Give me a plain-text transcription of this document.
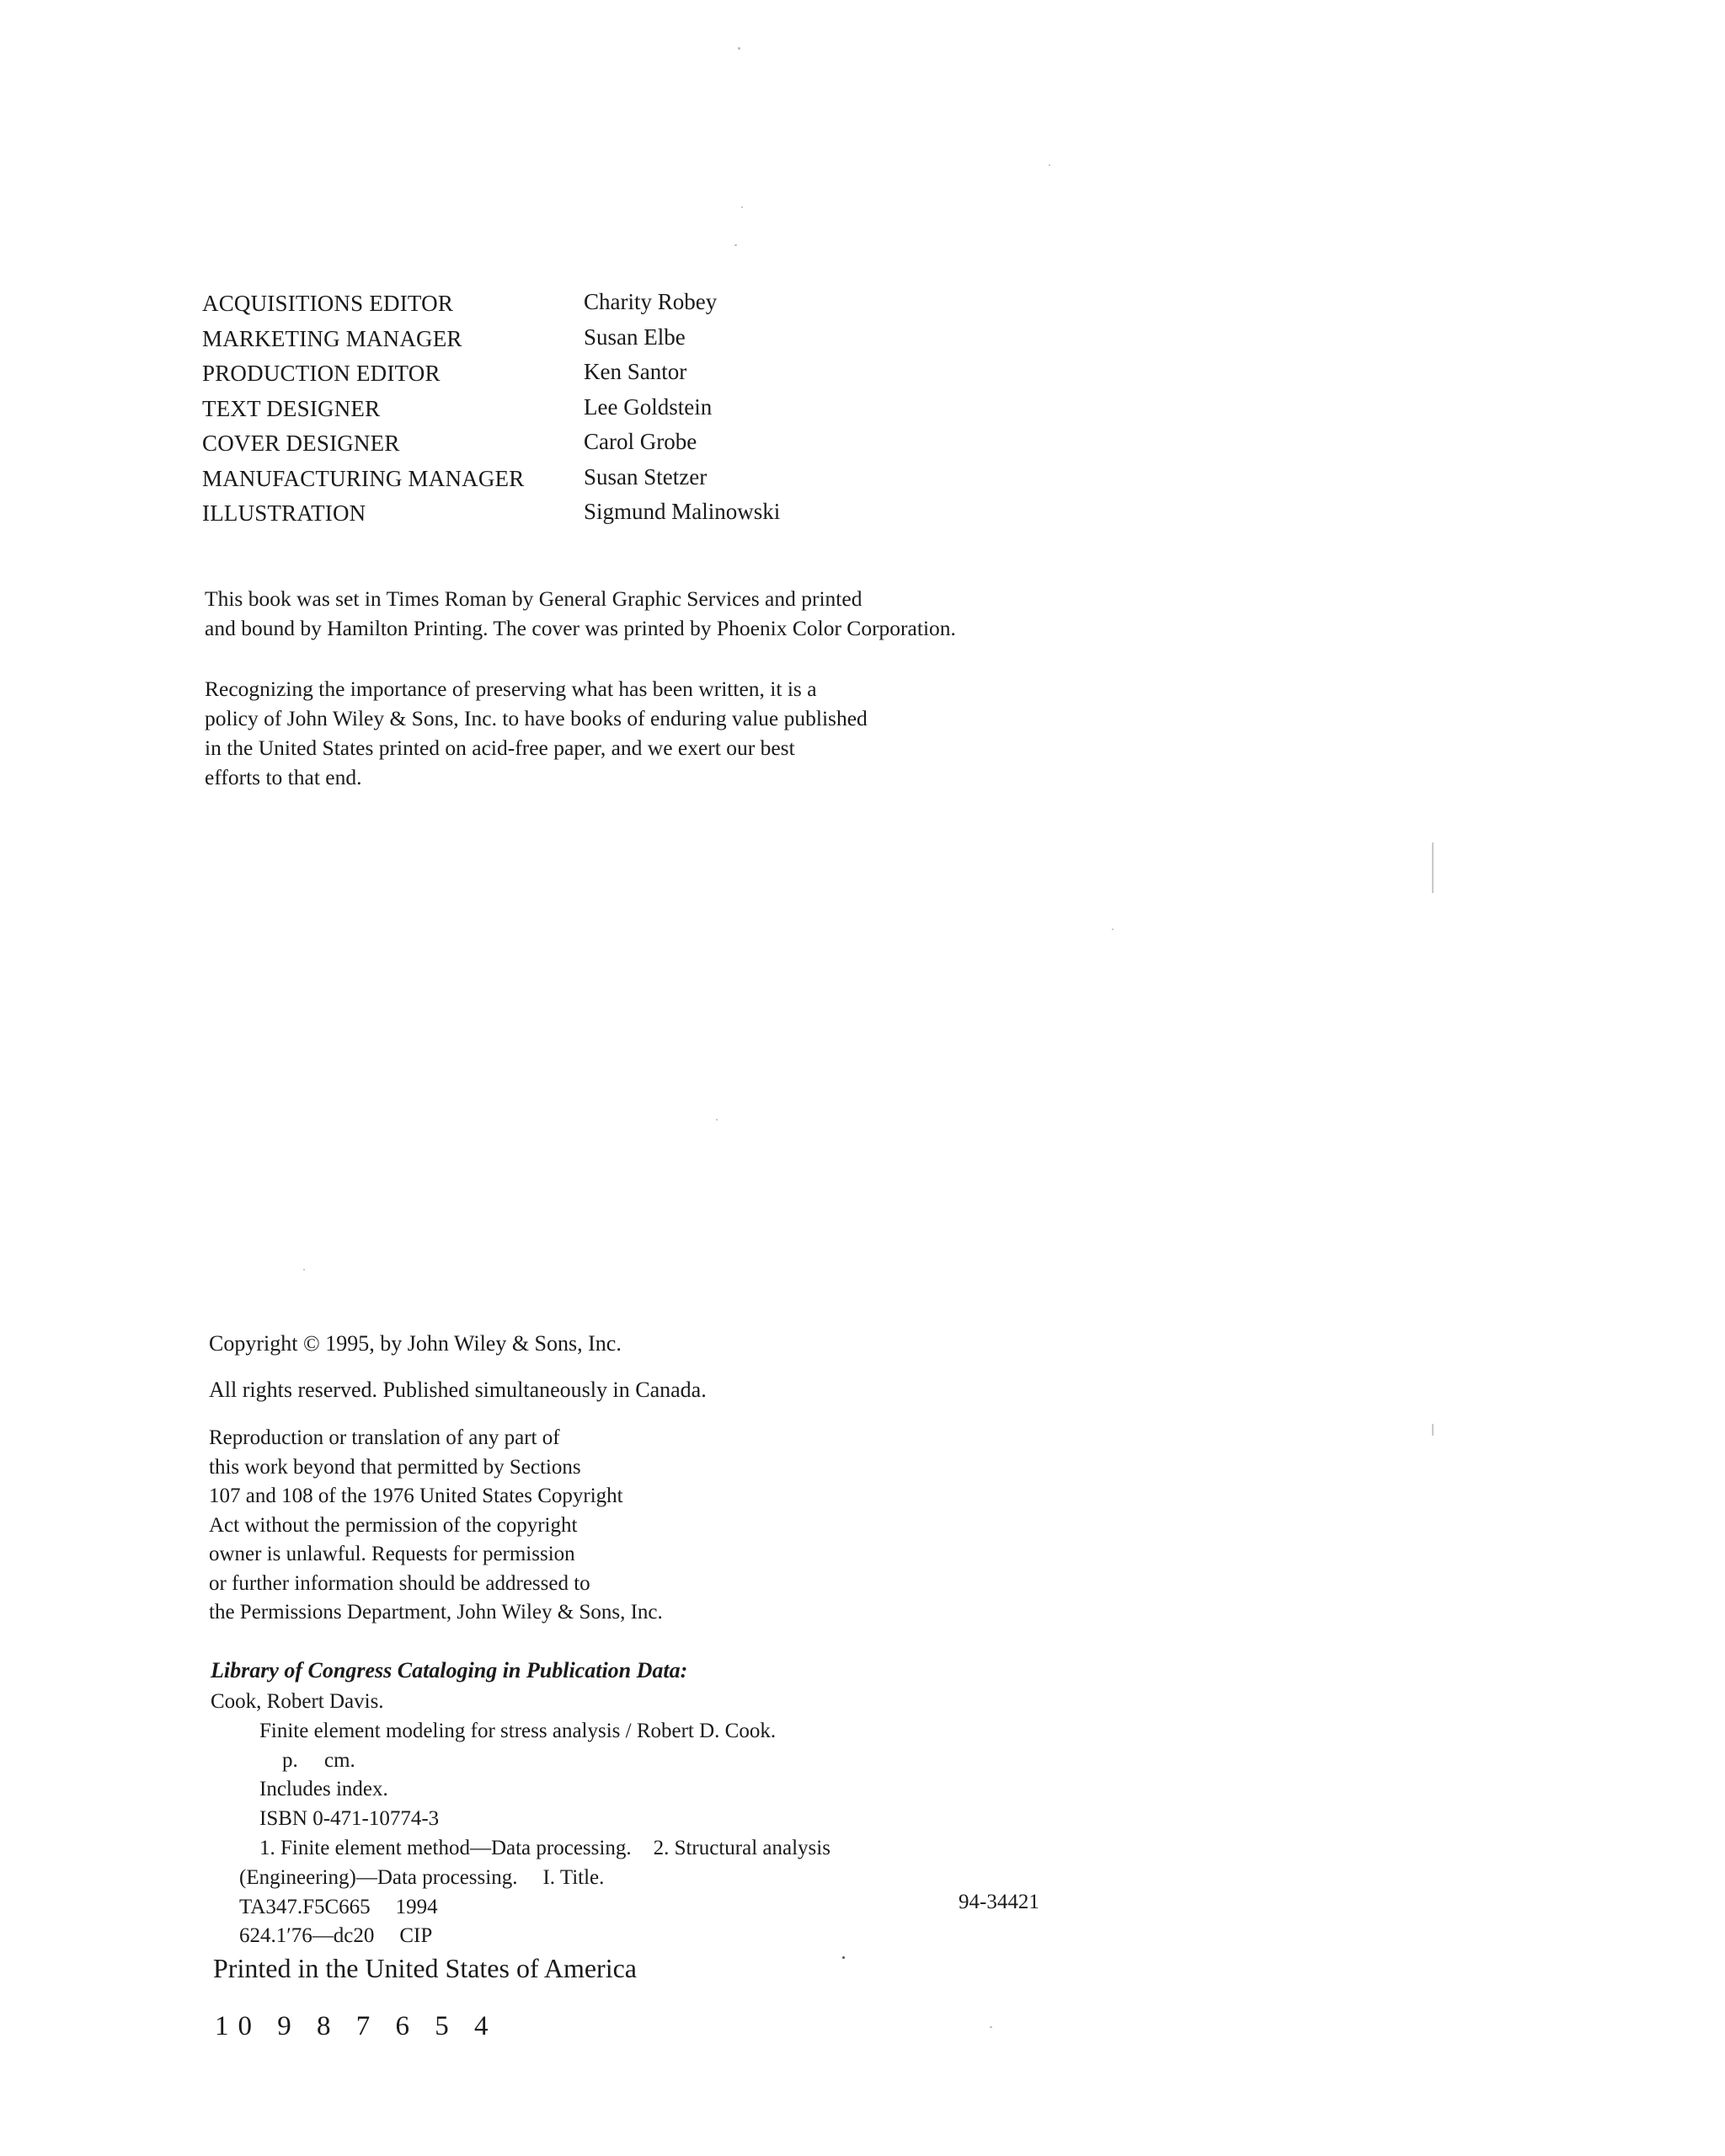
ACQUISITIONS EDITOR	Charity Robey
MARKETING MANAGER	Susan Elbe
PRODUCTION EDITOR	Ken Santor
TEXT DESIGNER	Lee Goldstein
COVER DESIGNER	Carol Grobe
MANUFACTURING MANAGER	Susan Stetzer
ILLUSTRATION	Sigmund Malinowski
This book was set in Times Roman by General Graphic Services and printed
and bound by Hamilton Printing. The cover was printed by Phoenix Color Corporation.
Recognizing the importance of preserving what has been written, it is a
policy of John Wiley & Sons, Inc. to have books of enduring value published
in the United States printed on acid-free paper, and we exert our best
efforts to that end.
Copyright © 1995, by John Wiley & Sons, Inc.
All rights reserved. Published simultaneously in Canada.
Reproduction or translation of any part of
this work beyond that permitted by Sections
107 and 108 of the 1976 United States Copyright
Act without the permission of the copyright
owner is unlawful. Requests for permission
or further information should be addressed to
the Permissions Department, John Wiley & Sons, Inc.
Library of Congress Cataloging in Publication Data:
Cook, Robert Davis.
Finite element modeling for stress analysis / Robert D. Cook.
p.     cm.
Includes index.
ISBN 0-471-10774-3
1. Finite element method—Data processing. 2. Structural analysis
(Engineering)—Data processing. I. Title.
TA347.F5C665 1994
624.1′76—dc20 CIP
94-34421
Printed in the United States of America
10 9 8 7 6 5 4
